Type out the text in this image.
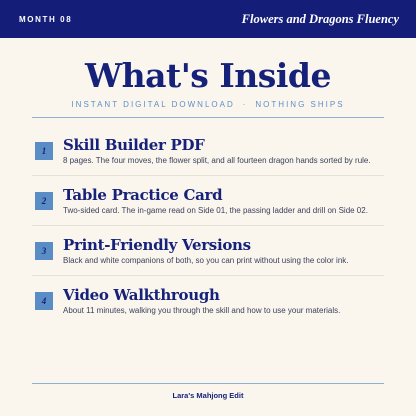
MONTH 08	Flowers and Dragons Fluency
What's Inside
INSTANT DIGITAL DOWNLOAD · NOTHING SHIPS
1	Skill Builder PDF
8 pages. The four moves, the flower split, and all fourteen dragon hands sorted by rule.
2	Table Practice Card
Two-sided card. The in-game read on Side 01, the passing ladder and drill on Side 02.
3	Print-Friendly Versions
Black and white companions of both, so you can print without using the color ink.
4	Video Walkthrough
About 11 minutes, walking you through the skill and how to use your materials.
Lara's Mahjong Edit
